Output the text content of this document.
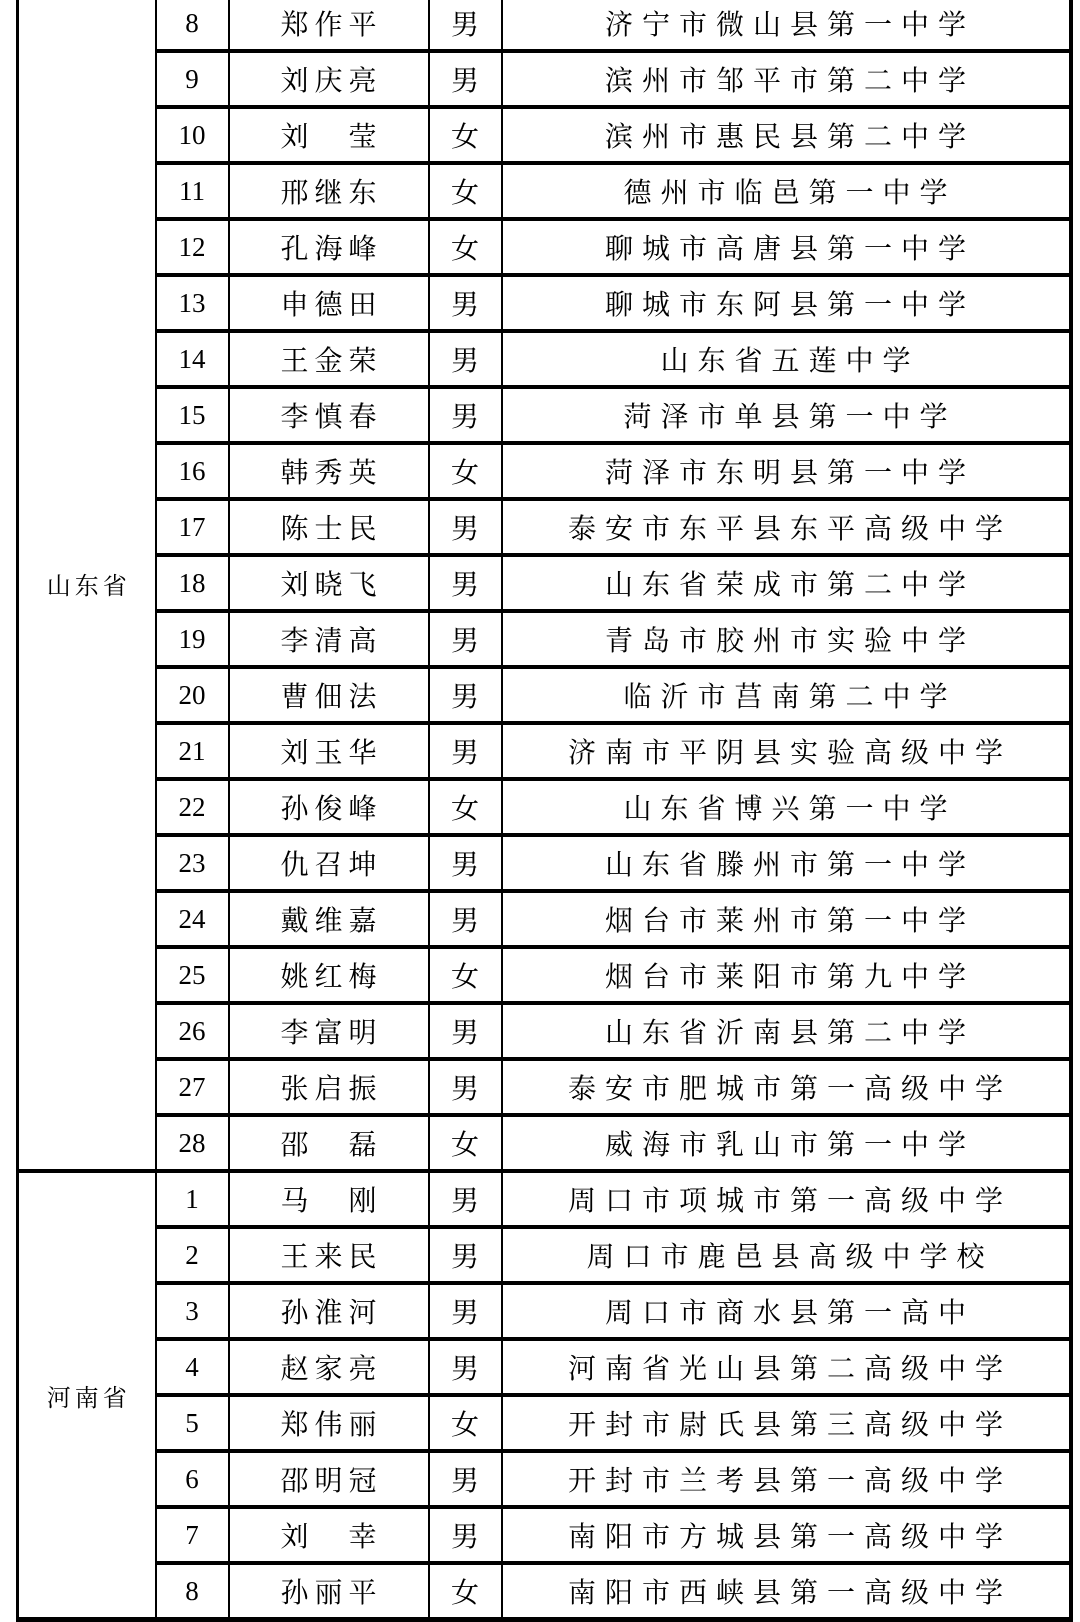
山东省	8	郑作平	男	济宁市微山县第一中学
	9	刘庆亮	男	滨州市邹平市第二中学
	10	刘　莹	女	滨州市惠民县第二中学
	11	邢继东	女	德州市临邑第一中学
	12	孔海峰	女	聊城市高唐县第一中学
	13	申德田	男	聊城市东阿县第一中学
	14	王金荣	男	山东省五莲中学
	15	李慎春	男	菏泽市单县第一中学
	16	韩秀英	女	菏泽市东明县第一中学
	17	陈士民	男	泰安市东平县东平高级中学
	18	刘晓飞	男	山东省荣成市第二中学
	19	李清高	男	青岛市胶州市实验中学
	20	曹佃法	男	临沂市莒南第二中学
	21	刘玉华	男	济南市平阴县实验高级中学
	22	孙俊峰	女	山东省博兴第一中学
	23	仇召坤	男	山东省滕州市第一中学
	24	戴维嘉	男	烟台市莱州市第一中学
	25	姚红梅	女	烟台市莱阳市第九中学
	26	李富明	男	山东省沂南县第二中学
	27	张启振	男	泰安市肥城市第一高级中学
	28	邵　磊	女	威海市乳山市第一中学
河南省	1	马　刚	男	周口市项城市第一高级中学
	2	王来民	男	周口市鹿邑县高级中学校
	3	孙淮河	男	周口市商水县第一高中
	4	赵家亮	男	河南省光山县第二高级中学
	5	郑伟丽	女	开封市尉氏县第三高级中学
	6	邵明冠	男	开封市兰考县第一高级中学
	7	刘　幸	男	南阳市方城县第一高级中学
	8	孙丽平	女	南阳市西峡县第一高级中学
